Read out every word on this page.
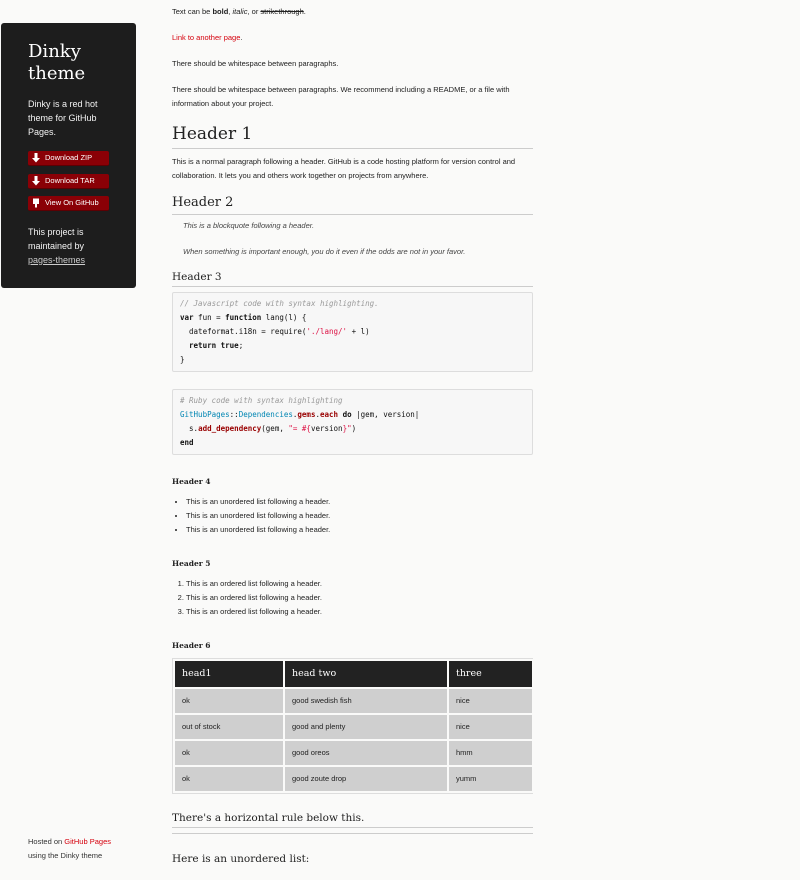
Dinky theme

Dinky is a red hot theme for GitHub Pages.

Download ZIP
Download TAR
View On GitHub
This project is maintained by
pages-themes
Hosted on GitHub Pages
using the Dinky theme

Text can be bold, italic, or strikethrough.

Link to another page.

There should be whitespace between paragraphs.

There should be whitespace between paragraphs. We recommend including a README, or a file with information about your project.

Header 1

This is a normal paragraph following a header. GitHub is a code hosting platform for version control and collaboration. It lets you and others work together on projects from anywhere.

Header 2

This is a blockquote following a header.

When something is important enough, you do it even if the odds are not in your favor.

Header 3
// Javascript code with syntax highlighting.
var fun = function lang(l) {
dateformat.i18n = require('./lang/' + l)
return true;
}
# Ruby code with syntax highlighting
GitHubPages::Dependencies.gems.each do |gem, version|
s.add_dependency(gem, "= #{version}")
end
Header 4
• This is an unordered list following a header.
• This is an unordered list following a header.
• This is an unordered list following a header.
Header 5
1. This is an ordered list following a header.
2. This is an ordered list following a header.
3. This is an ordered list following a header.
Header 6
head1	head two	three
ok	good swedish fish	nice
out of stock	good and plenty	nice
ok	good oreos	hmm
ok	good zoute drop	yumm
There's a horizontal rule below this.
Here is an unordered list:
